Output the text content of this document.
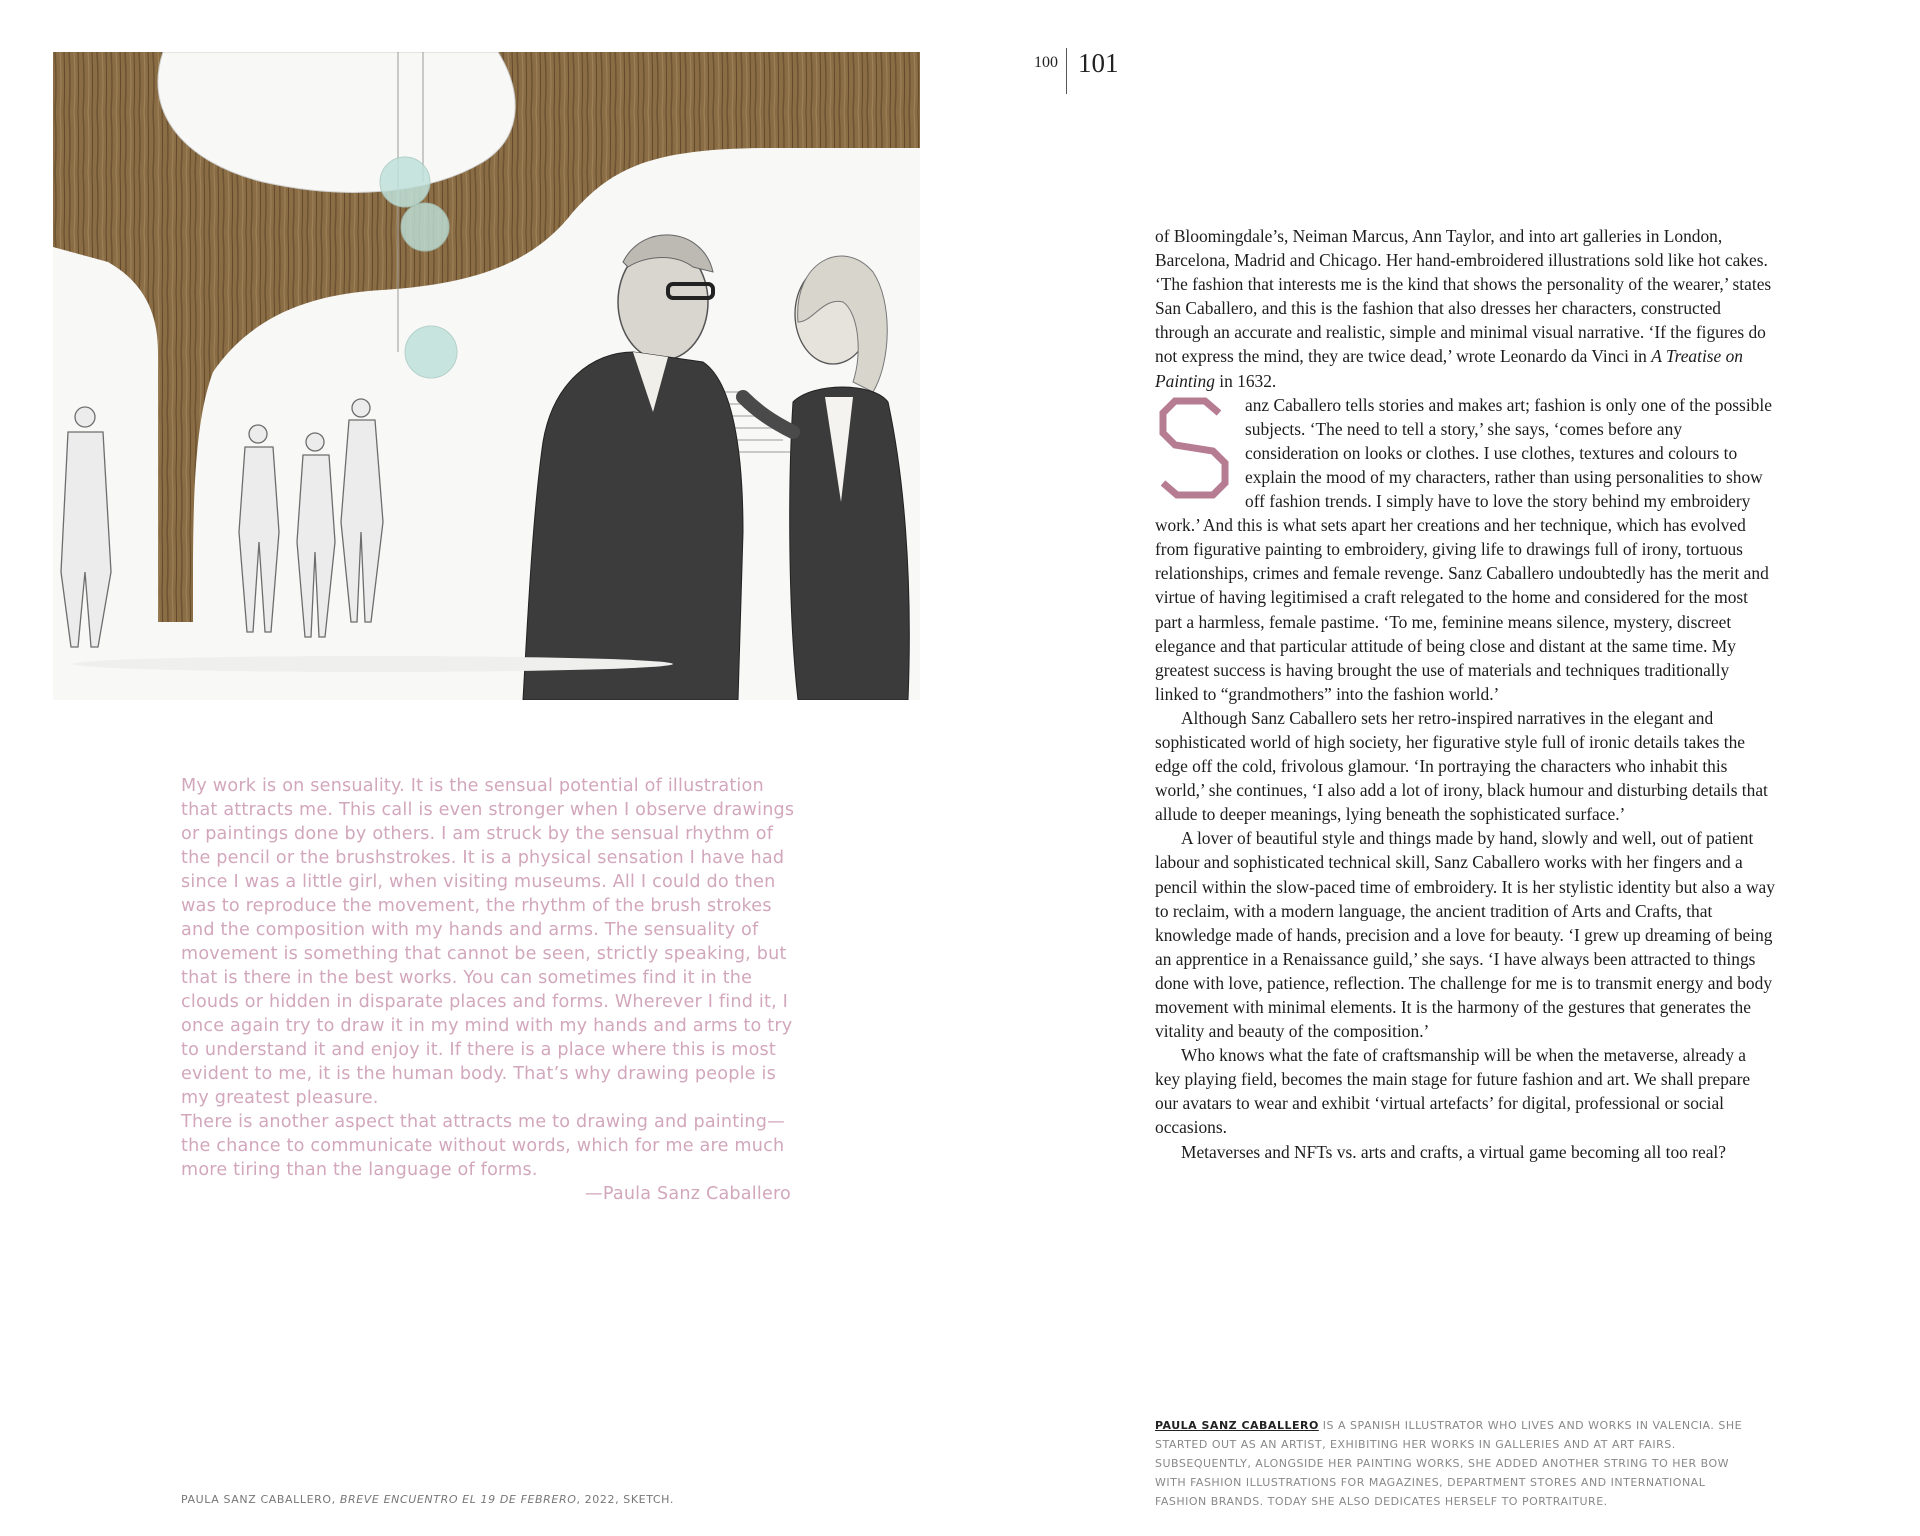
100 101

My work is on sensuality. It is the sensual potential of illustration that attracts me. This call is even stronger when I observe drawings or paintings done by others. I am struck by the sensual rhythm of the pencil or the brushstrokes. It is a physical sensation I have had since I was a little girl, when visiting museums. All I could do then was to reproduce the movement, the rhythm of the brush strokes and the composition with my hands and arms. The sensuality of movement is something that cannot be seen, strictly speaking, but that is there in the best works. You can sometimes find it in the clouds or hidden in disparate places and forms. Wherever I find it, I once again try to draw it in my mind with my hands and arms to try to understand it and enjoy it. If there is a place where this is most evident to me, it is the human body. That’s why drawing people is my greatest pleasure.

There is another aspect that attracts me to drawing and painting—the chance to communicate without words, which for me are much more tiring than the language of forms.

—Paula Sanz Caballero

PAULA SANZ CABALLERO, BREVE ENCUENTRO EL 19 DE FEBRERO, 2022, SKETCH.

of Bloomingdale’s, Neiman Marcus, Ann Taylor, and into art galleries in London, Barcelona, Madrid and Chicago. Her hand-embroidered illustrations sold like hot cakes. ‘The fashion that interests me is the kind that shows the personality of the wearer,’ states San Caballero, and this is the fashion that also dresses her characters, constructed through an accurate and realistic, simple and minimal visual narrative. ‘If the figures do not express the mind, they are twice dead,’ wrote Leonardo da Vinci in A Treatise on Painting in 1632.

anz Caballero tells stories and makes art; fashion is only one of the possible subjects. ‘The need to tell a story,’ she says, ‘comes before any consideration on looks or clothes. I use clothes, textures and colours to explain the mood of my characters, rather than using personalities to show off fashion trends. I simply have to love the story behind my embroidery work.’ And this is what sets apart her creations and her technique, which has evolved from figurative painting to embroidery, giving life to drawings full of irony, tortuous relationships, crimes and female revenge. Sanz Caballero undoubtedly has the merit and virtue of having legitimised a craft relegated to the home and considered for the most part a harmless, female pastime. ‘To me, feminine means silence, mystery, discreet elegance and that particular attitude of being close and distant at the same time. My greatest success is having brought the use of materials and techniques traditionally linked to “grandmothers” into the fashion world.’

Although Sanz Caballero sets her retro-inspired narratives in the elegant and sophisticated world of high society, her figurative style full of ironic details takes the edge off the cold, frivolous glamour. ‘In portraying the characters who inhabit this world,’ she continues, ‘I also add a lot of irony, black humour and disturbing details that allude to deeper meanings, lying beneath the sophisticated surface.’

A lover of beautiful style and things made by hand, slowly and well, out of patient labour and sophisticated technical skill, Sanz Caballero works with her fingers and a pencil within the slow-paced time of embroidery. It is her stylistic identity but also a way to reclaim, with a modern language, the ancient tradition of Arts and Crafts, that knowledge made of hands, precision and a love for beauty. ‘I grew up dreaming of being an apprentice in a Renaissance guild,’ she says. ‘I have always been attracted to things done with love, patience, reflection. The challenge for me is to transmit energy and body movement with minimal elements. It is the harmony of the gestures that generates the vitality and beauty of the composition.’

Who knows what the fate of craftsmanship will be when the metaverse, already a key playing field, becomes the main stage for future fashion and art. We shall prepare our avatars to wear and exhibit ‘virtual artefacts’ for digital, professional or social occasions.

Metaverses and NFTs vs. arts and crafts, a virtual game becoming all too real?

PAULA SANZ CABALLERO IS A SPANISH ILLUSTRATOR WHO LIVES AND WORKS IN VALENCIA. SHE STARTED OUT AS AN ARTIST, EXHIBITING HER WORKS IN GALLERIES AND AT ART FAIRS. SUBSEQUENTLY, ALONGSIDE HER PAINTING WORKS, SHE ADDED ANOTHER STRING TO HER BOW WITH FASHION ILLUSTRATIONS FOR MAGAZINES, DEPARTMENT STORES AND INTERNATIONAL FASHION BRANDS. TODAY SHE ALSO DEDICATES HERSELF TO PORTRAITURE.
